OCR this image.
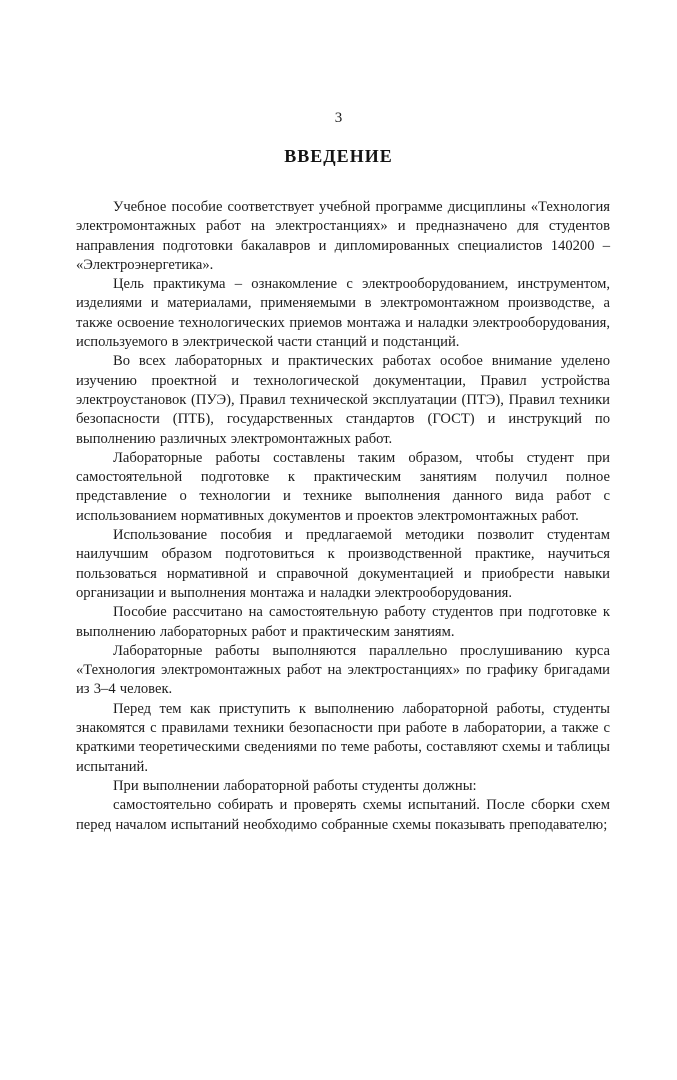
3
ВВЕДЕНИЕ

Учебное пособие соответствует учебной программе дисциплины «Технология электромонтажных работ на электростанциях» и предназначено для студентов направления подготовки бакалавров и дипломированных специалистов 140200 – «Электроэнергетика».

Цель практикума – ознакомление с электрооборудованием, инструментом, изделиями и материалами, применяемыми в электромонтажном производстве, а также освоение технологических приемов монтажа и наладки электрооборудования, используемого в электрической части станций и подстанций.

Во всех лабораторных и практических работах особое внимание уделено изучению проектной и технологической документации, Правил устройства электроустановок (ПУЭ), Правил технической эксплуатации (ПТЭ), Правил техники безопасности (ПТБ), государственных стандартов (ГОСТ) и инструкций по выполнению различных электромонтажных работ.

Лабораторные работы составлены таким образом, чтобы студент при самостоятельной подготовке к практическим занятиям получил полное представление о технологии и технике выполнения данного вида работ с использованием нормативных документов и проектов электромонтажных работ.

Использование пособия и предлагаемой методики позволит студентам наилучшим образом подготовиться к производственной практике, научиться пользоваться нормативной и справочной документацией и приобрести навыки организации и выполнения монтажа и наладки электрооборудования.

Пособие рассчитано на самостоятельную работу студентов при подготовке к выполнению лабораторных работ и практическим занятиям.

Лабораторные работы выполняются параллельно прослушиванию курса «Технология электромонтажных работ на электростанциях» по графику бригадами из 3–4 человек.

Перед тем как приступить к выполнению лабораторной работы, студенты знакомятся с правилами техники безопасности при работе в лаборатории, а также с краткими теоретическими сведениями по теме работы, составляют схемы и таблицы испытаний.

При выполнении лабораторной работы студенты должны:

самостоятельно собирать и проверять схемы испытаний. После сборки схем перед началом испытаний необходимо собранные схемы показывать преподавателю;
